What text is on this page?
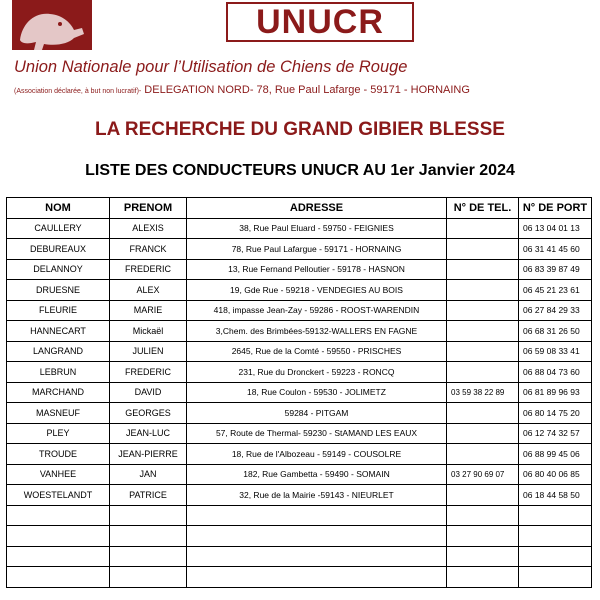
UNUCR
Union Nationale pour l’Utilisation de Chiens de Rouge
(Association déclarée, à but non lucratif)- DELEGATION NORD- 78, Rue Paul Lafarge - 59171 - HORNAING
LA RECHERCHE DU GRAND GIBIER BLESSE
LISTE DES CONDUCTEURS UNUCR AU 1er Janvier 2024
NOM	PRENOM	ADRESSE	N° DE TEL.	N° DE PORT
CAULLERY	ALEXIS	38, Rue Paul Eluard - 59750 - FEIGNIES		06 13 04 01 13
DEBUREAUX	FRANCK	78, Rue Paul Lafargue - 59171 - HORNAING		06 31 41 45 60
DELANNOY	FREDERIC	13, Rue Fernand Pelloutier - 59178 - HASNON		06 83 39 87 49
DRUESNE	ALEX	19, Gde Rue - 59218 - VENDEGIES AU BOIS		06 45 21 23 61
FLEURIE	MARIE	418, impasse Jean-Zay - 59286 - ROOST-WARENDIN		06 27 84 29 33
HANNECART	Mickaël	3,Chem. des Brimbées-59132-WALLERS EN FAGNE		06 68 31 26 50
LANGRAND	JULIEN	2645, Rue de la Comté - 59550 - PRISCHES		06 59 08 33 41
LEBRUN	FREDERIC	231, Rue du Dronckert - 59223 - RONCQ		06 88 04 73 60
MARCHAND	DAVID	18, Rue Coulon - 59530 - JOLIMETZ	03 59 38 22 89	06 81 89 96 93
MASNEUF	GEORGES	59284 - PITGAM		06 80 14 75 20
PLEY	JEAN-LUC	57, Route de Thermal- 59230 - StAMAND LES EAUX		06 12 74 32 57
TROUDE	JEAN-PIERRE	18, Rue de l'Albozeau - 59149 - COUSOLRE		06 88 99 45 06
VANHEE	JAN	182, Rue Gambetta - 59490 - SOMAIN	03 27 90 69 07	06 80 40 06 85
WOESTELANDT	PATRICE	32, Rue de la Mairie -59143 - NIEURLET		06 18 44 58 50
